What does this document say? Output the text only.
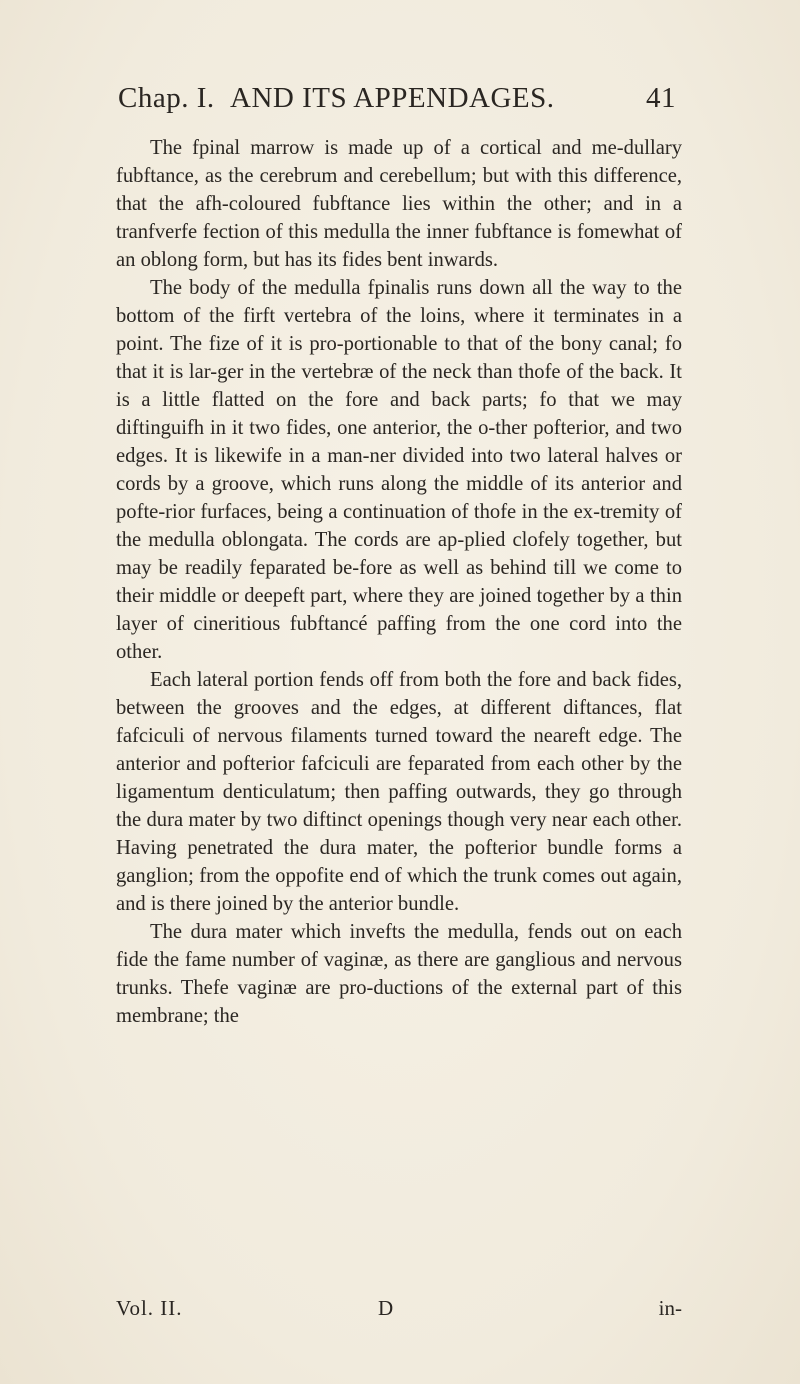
Chap. I. AND ITS APPENDAGES.	41

The fpinal marrow is made up of a cortical and me-dullary fubftance, as the cerebrum and cerebellum; but with this difference, that the afh-coloured fubftance lies within the other; and in a tranfverfe fection of this medulla the inner fubftance is fomewhat of an oblong form, but has its fides bent inwards.

The body of the medulla fpinalis runs down all the way to the bottom of the firft vertebra of the loins, where it terminates in a point. The fize of it is pro-portionable to that of the bony canal; fo that it is lar-ger in the vertebræ of the neck than thofe of the back. It is a little flatted on the fore and back parts; fo that we may diftinguifh in it two fides, one anterior, the o-ther pofterior, and two edges. It is likewife in a man-ner divided into two lateral halves or cords by a groove, which runs along the middle of its anterior and pofte-rior furfaces, being a continuation of thofe in the ex-tremity of the medulla oblongata. The cords are ap-plied clofely together, but may be readily feparated be-fore as well as behind till we come to their middle or deepeft part, where they are joined together by a thin layer of cineritious fubftancé paffing from the one cord into the other.

Each lateral portion fends off from both the fore and back fides, between the grooves and the edges, at different diftances, flat fafciculi of nervous filaments turned toward the neareft edge. The anterior and pofterior fafciculi are feparated from each other by the ligamentum denticulatum; then paffing outwards, they go through the dura mater by two diftinct openings though very near each other. Having penetrated the dura mater, the pofterior bundle forms a ganglion; from the oppofite end of which the trunk comes out again, and is there joined by the anterior bundle.

The dura mater which invefts the medulla, fends out on each fide the fame number of vaginæ, as there are ganglious and nervous trunks. Thefe vaginæ are pro-ductions of the external part of this membrane; the

Vol. II.	D	in-
